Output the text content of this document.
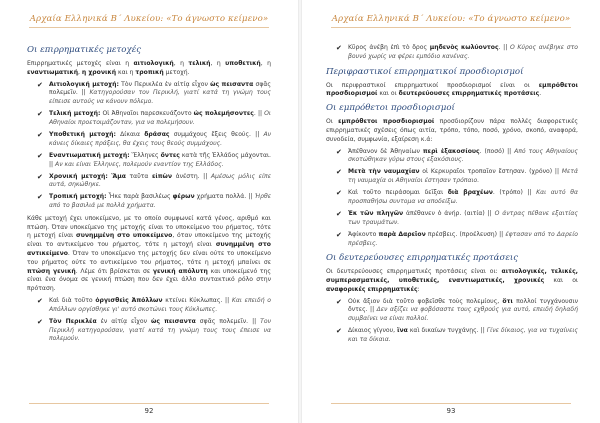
Αρχαία Ελληνικά Β΄ Λυκείου: «Το άγνωστο κείμενο»
Οι επιρρηματικές μετοχές

Επιρρηματικές μετοχές είναι η αιτιολογική, η τελική, η υποθετική, η εναντιωματική, η χρονική και η τροπική μετοχή.

✔ Αιτιολογική μετοχή: Τὸν Περικλέα ἐν αἰτίᾳ εἶχον ὡς πεισαντα σφᾶς πολεμεῖν. || Κατηγορούσαν τον Περικλή, γιατί κατά τη γνώμη τους είπεισε αυτούς να κάνουν πόλεμο.
✔ Τελική μετοχή: Οἱ Ἀθηναῖοι παρεσκευάζοντο ὡς πολεμήσοντες. || Οι Αθηναίοι προετοιμάζονταν, για να πολεμήσουν.
✔ Υποθετική μετοχή: Δίκαια δράσας συμμάχους ἕξεις θεούς. || Αν κάνεις δίκαιες πράξεις, θα έχεις τους θεούς συμμάχους.
✔ Εναντιωματική μετοχή: Ἕλληνες ὄντες κατὰ τῆς Ἑλλάδος μάχονται. || Αν και είναι Έλληνες, πολεμούν εναντίον της Ελλάδος.
✔ Χρονική μετοχή: Ἅμα ταῦτα εἰπὼν ἀνέστη. || Αμέσως μόλις είπε αυτά, σηκώθηκε.
✔ Τροπική μετοχή: Ἧκε παρὰ βασιλέως φέρων χρήματα πολλά. || Ήρθε από το βασιλιά με πολλά χρήματα.

Κάθε μετοχή έχει υποκείμενο, με το οποίο συμφωνεί κατά γένος, αριθμό και πτώση. Όταν υποκείμενο της μετοχής είναι το υποκείμενο του ρήματος, τότε η μετοχή είναι συνημμένη στο υποκείμενο, όταν υποκείμενο της μετοχής είναι το αντικείμενο του ρήματος, τότε η μετοχή είναι συνημμένη στο αντικείμενο. Όταν το υποκείμενο της μετοχής δεν είναι ούτε το υποκείμενο του ρήματος ούτε το αντικείμενο του ρήματος, τότε η μετοχή μπαίνει σε πτώση γενική. Λέμε ότι βρίσκεται σε γενική απόλυτη και υποκείμενό της είναι ένα όνομα σε γενική πτώση που δεν έχει άλλο συντακτικό ρόλο στην πρόταση.

✔ Καὶ διὰ τοῦτο ὀργισθεὶς Ἀπόλλων κτείνει Κύκλωπας. || Και επειδή ο Απόλλων οργίσθηκε γι' αυτό σκοτώνει τους Κύκλωπες.
✔ Τὸν Περικλέα ἐν αἰτίᾳ εἶχον ὡς πεισαντα σφᾶς πολεμεῖν. || Τον Περικλή κατηγορούσαν, γιατί κατά τη γνώμη τους τους έπεισε να πολεμούν.
92
Αρχαία Ελληνικά Β΄ Λυκείου: «Το άγνωστο κείμενο»
✔ Κῦρος ἀνέβη ἐπὶ τὸ ὄρος μηδενὸς κωλύοντος. || Ο Κύρος ανέβηκε στο βουνό χωρίς να φέρει εμπόδιο κανένας.
Περιφραστικοί επιρρηματικοί προσδιορισμοί

Οι περιφραστικοί επιρρηματικοί προσδιορισμοί είναι οι εμπρόθετοι προσδιορισμοί και οι δευτερεύουσες επιρρηματικές προτάσεις.

Οι εμπρόθετοι προσδιορισμοί

Οι εμπρόθετοι προσδιορισμοί προσδιορίζουν πάρα πολλές διαφορετικές επιρρηματικές σχέσεις όπως αιτία, τρόπο, τόπο, ποσό, χρόνο, σκοπό, αναφορά, συνοδεία, συμφωνία, εξαίρεση κ.ά:

✔ Ἀπέθανον δὲ Ἀθηναίων περὶ ἑξακοσίους. (ποσό) || Από τους Αθηναίους σκοτώθηκαν γύρω στους εξακόσιους.
✔ Μετὰ τὴν ναυμαχίαν οἱ Κερκυραῖοι τροπαῖον ἔστησαν. (χρόνο) || Μετά τη ναυμαχία οι Αθηναίοι έστησαν τρόπαιο.
✔ Καὶ τοῦτο πειράσομαι δεῖξαι διὰ βραχέων. (τρόπο) || Και αυτό θα προσπαθήσω συντομα να αποδείξω.
✔ Ἐκ τῶν πληγῶν ἀπέθανεν ὁ ἀνήρ. (αιτία) || Ο άντρας πέθανε εξαιτίας των τραυμάτων.
✔ Ἀφίκοντο παρὰ Δαρεῖον πρέσβεις. (προέλευση) || έφτασαν από το Δαρείο πρέσβεις.
Οι δευτερεύουσες επιρρηματικές προτάσεις

Οι δευτερεύουσες επιρρηματικές προτάσεις είναι οι: αιτιολογικές, τελικές, συμπερασματικές, υποθετικές, εναντιωματικές, χρονικές και οι αναφορικές επιρρηματικές:

✔ Οὐκ ἄξιον διὰ τοῦτο φοβεῖσθε τοὺς πολεμίους, ὅτι πολλοί τυγχάνουσιν ὄντες. || Δεν αξίζει να φοβόσαστε τους εχθρούς για αυτό, επειδή δηλαδή συμβαίνει να είναι πολλοί.
✔ Δίκαιος γίγνου, ἵνα καὶ δικαίων τυγχάνῃς. || Γίνε δίκαιος, για να τυχαίνεις και τα δίκαια.
93
